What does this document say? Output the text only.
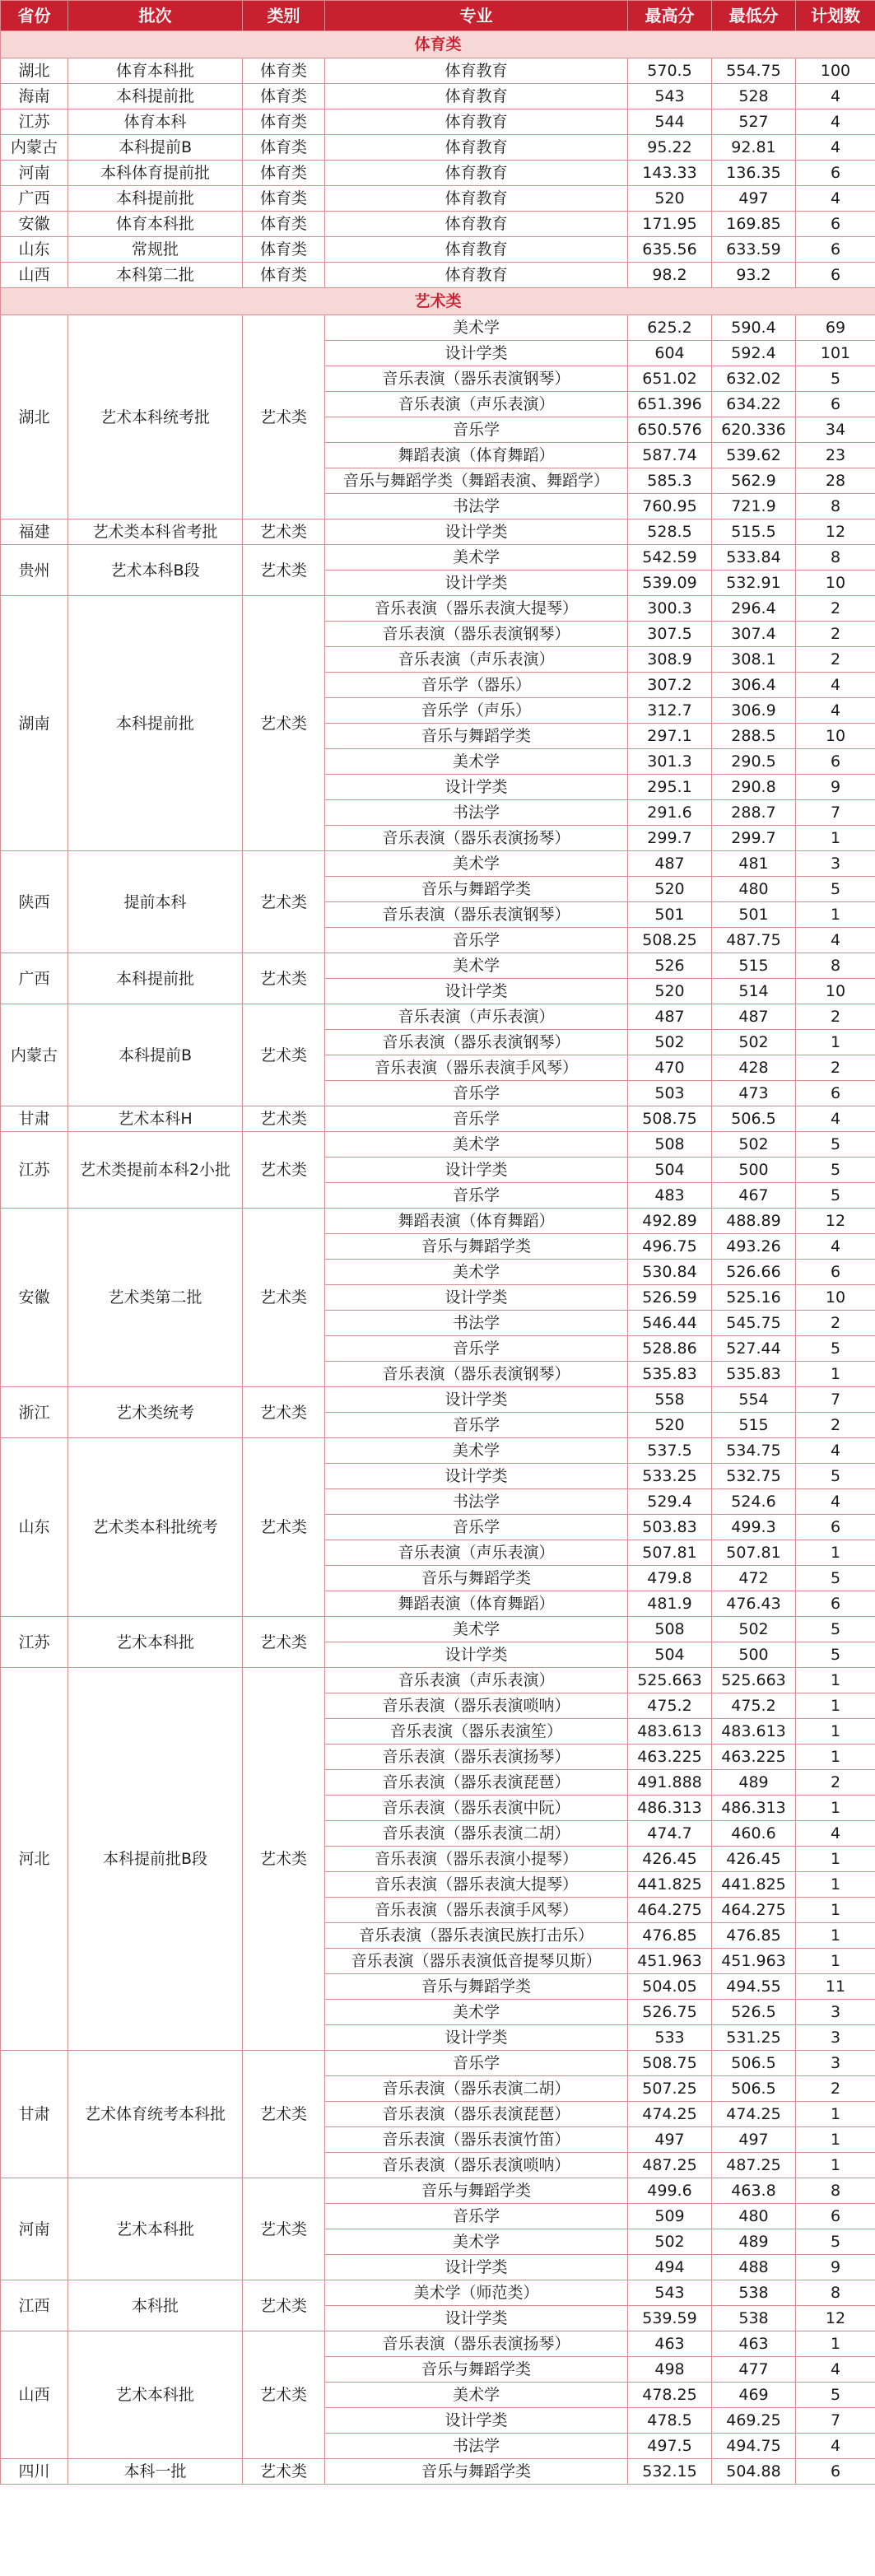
省份	批次	类别	专业	最高分	最低分	计划数
体育类						
湖北	体育本科批	体育类	体育教育	570.5	554.75	100
海南	本科提前批	体育类	体育教育	543	528	4
江苏	体育本科	体育类	体育教育	544	527	4
内蒙古	本科提前B	体育类	体育教育	95.22	92.81	4
河南	本科体育提前批	体育类	体育教育	143.33	136.35	6
广西	本科提前批	体育类	体育教育	520	497	4
安徽	体育本科批	体育类	体育教育	171.95	169.85	6
山东	常规批	体育类	体育教育	635.56	633.59	6
山西	本科第二批	体育类	体育教育	98.2	93.2	6
艺术类						
湖北	艺术本科统考批	艺术类	美术学	625.2	590.4	69
			设计学类	604	592.4	101
			音乐表演（器乐表演钢琴）	651.02	632.02	5
			音乐表演（声乐表演）	651.396	634.22	6
			音乐学	650.576	620.336	34
			舞蹈表演（体育舞蹈）	587.74	539.62	23
			音乐与舞蹈学类（舞蹈表演、舞蹈学）	585.3	562.9	28
			书法学	760.95	721.9	8
福建	艺术类本科省考批	艺术类	设计学类	528.5	515.5	12
贵州	艺术本科B段	艺术类	美术学	542.59	533.84	8
			设计学类	539.09	532.91	10
湖南	本科提前批	艺术类	音乐表演（器乐表演大提琴）	300.3	296.4	2
			音乐表演（器乐表演钢琴）	307.5	307.4	2
			音乐表演（声乐表演）	308.9	308.1	2
			音乐学（器乐）	307.2	306.4	4
			音乐学（声乐）	312.7	306.9	4
			音乐与舞蹈学类	297.1	288.5	10
			美术学	301.3	290.5	6
			设计学类	295.1	290.8	9
			书法学	291.6	288.7	7
			音乐表演（器乐表演扬琴）	299.7	299.7	1
陕西	提前本科	艺术类	美术学	487	481	3
			音乐与舞蹈学类	520	480	5
			音乐表演（器乐表演钢琴）	501	501	1
			音乐学	508.25	487.75	4
广西	本科提前批	艺术类	美术学	526	515	8
			设计学类	520	514	10
内蒙古	本科提前B	艺术类	音乐表演（声乐表演）	487	487	2
			音乐表演（器乐表演钢琴）	502	502	1
			音乐表演（器乐表演手风琴）	470	428	2
			音乐学	503	473	6
甘肃	艺术本科H	艺术类	音乐学	508.75	506.5	4
江苏	艺术类提前本科2小批	艺术类	美术学	508	502	5
			设计学类	504	500	5
			音乐学	483	467	5
安徽	艺术类第二批	艺术类	舞蹈表演（体育舞蹈）	492.89	488.89	12
			音乐与舞蹈学类	496.75	493.26	4
			美术学	530.84	526.66	6
			设计学类	526.59	525.16	10
			书法学	546.44	545.75	2
			音乐学	528.86	527.44	5
			音乐表演（器乐表演钢琴）	535.83	535.83	1
浙江	艺术类统考	艺术类	设计学类	558	554	7
			音乐学	520	515	2
山东	艺术类本科批统考	艺术类	美术学	537.5	534.75	4
			设计学类	533.25	532.75	5
			书法学	529.4	524.6	4
			音乐学	503.83	499.3	6
			音乐表演（声乐表演）	507.81	507.81	1
			音乐与舞蹈学类	479.8	472	5
			舞蹈表演（体育舞蹈）	481.9	476.43	6
江苏	艺术本科批	艺术类	美术学	508	502	5
			设计学类	504	500	5
河北	本科提前批B段	艺术类	音乐表演（声乐表演）	525.663	525.663	1
			音乐表演（器乐表演唢呐）	475.2	475.2	1
			音乐表演（器乐表演笙）	483.613	483.613	1
			音乐表演（器乐表演扬琴）	463.225	463.225	1
			音乐表演（器乐表演琵琶）	491.888	489	2
			音乐表演（器乐表演中阮）	486.313	486.313	1
			音乐表演（器乐表演二胡）	474.7	460.6	4
			音乐表演（器乐表演小提琴）	426.45	426.45	1
			音乐表演（器乐表演大提琴）	441.825	441.825	1
			音乐表演（器乐表演手风琴）	464.275	464.275	1
			音乐表演（器乐表演民族打击乐）	476.85	476.85	1
			音乐表演（器乐表演低音提琴贝斯）	451.963	451.963	1
			音乐与舞蹈学类	504.05	494.55	11
			美术学	526.75	526.5	3
			设计学类	533	531.25	3
甘肃	艺术体育统考本科批	艺术类	音乐学	508.75	506.5	3
			音乐表演（器乐表演二胡）	507.25	506.5	2
			音乐表演（器乐表演琵琶）	474.25	474.25	1
			音乐表演（器乐表演竹笛）	497	497	1
			音乐表演（器乐表演唢呐）	487.25	487.25	1
河南	艺术本科批	艺术类	音乐与舞蹈学类	499.6	463.8	8
			音乐学	509	480	6
			美术学	502	489	5
			设计学类	494	488	9
江西	本科批	艺术类	美术学（师范类）	543	538	8
			设计学类	539.59	538	12
山西	艺术本科批	艺术类	音乐表演（器乐表演扬琴）	463	463	1
			音乐与舞蹈学类	498	477	4
			美术学	478.25	469	5
			设计学类	478.5	469.25	7
			书法学	497.5	494.75	4
四川	本科一批	艺术类	音乐与舞蹈学类	532.15	504.88	6
